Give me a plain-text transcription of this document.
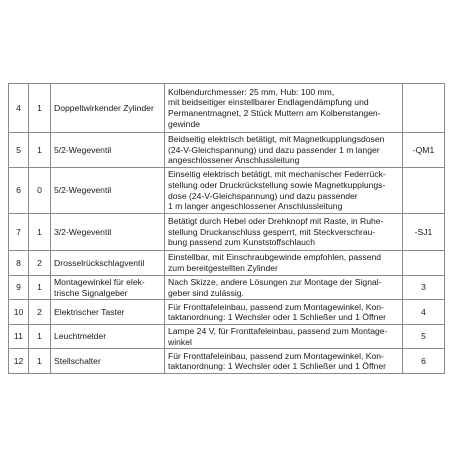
4	1	Doppeltwirkender Zylinder	Kolbendurchmesser: 25 mm, Hub: 100 mm,
mit beidseitiger einstellbarer Endlagendämpfung und
Permanentmagnet, 2 Stück Muttern am Kolbenstangen-
gewinde	

5	1	5/2-Wegeventil	Beidseitig elektrisch betätigt, mit Magnetkupplungsdosen
(24-V-Gleichspannung) und dazu passender 1 m langer
angeschlossener Anschlussleitung	-QM1
6	0	5/2-Wegeventil	Einseitig elektrisch betätigt, mit mechanischer Federrück-
stellung oder Druckrückstellung sowie Magnetkupplungs-
dose (24-V-Gleichspannung) und dazu passender
1 m langer angeschlossener Anschlussleitung	

7	1	3/2-Wegeventil	Betätigt durch Hebel oder Drehknopf mit Raste, in Ruhe-
stellung Druckanschluss gesperrt, mit Steckverschrau-
bung passend zum Kunststoffschlauch	-SJ1
8	2	Drosselrückschlagventil	Einstellbar, mit Einschraubgewinde empfohlen, passend
zum bereitgestellten Zylinder	

9	1	Montagewinkel für elek-
trische Signalgeber	Nach Skizze, andere Lösungen zur Montage der Signal-
geber sind zulässig.	3
10	2	Elektrischer Taster	Für Fronttafeleinbau, passend zum Montagewinkel, Kon-
taktanordnung: 1 Wechsler oder 1 Schließer und 1 Öffner	4
11	1	Leuchtmelder	Lampe 24 V, für Fronttafeleinbau, passend zum Montage-
winkel	5
12	1	Stellschalter	Für Fronttafeleinbau, passend zum Montagewinkel, Kon-
taktanordnung: 1 Wechsler oder 1 Schließer und 1 Öffner	6
